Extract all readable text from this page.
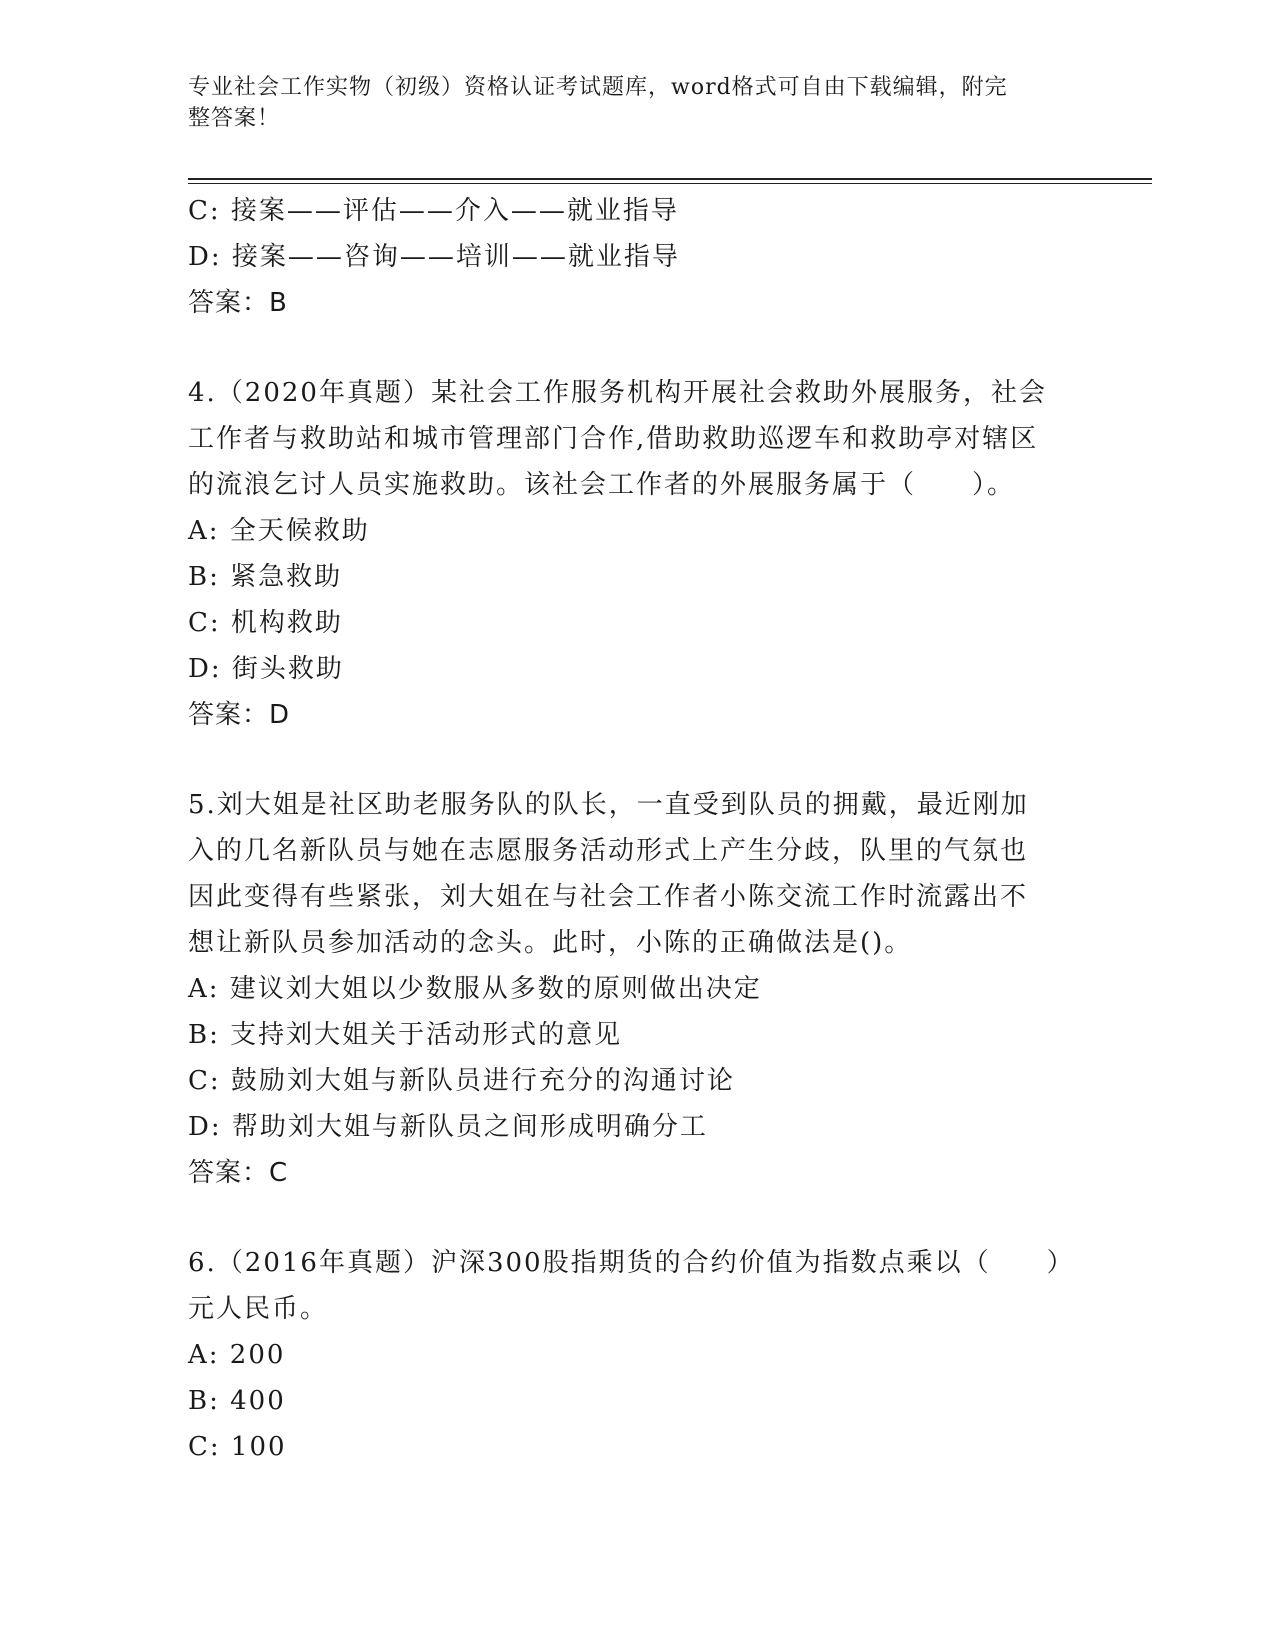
专业社会工作实物（初级）资格认证考试题库，word格式可自由下载编辑，附完
整答案！
C: 接案——评估——介入——就业指导
D: 接案——咨询——培训——就业指导
答案：B
4.（2020年真题）某社会工作服务机构开展社会救助外展服务，社会
工作者与救助站和城市管理部门合作,借助救助巡逻车和救助亭对辖区
的流浪乞讨人员实施救助。该社会工作者的外展服务属于（　　）。
A: 全天候救助
B: 紧急救助
C: 机构救助
D: 街头救助
答案：D
5.刘大姐是社区助老服务队的队长，一直受到队员的拥戴，最近刚加
入的几名新队员与她在志愿服务活动形式上产生分歧，队里的气氛也
因此变得有些紧张，刘大姐在与社会工作者小陈交流工作时流露出不
想让新队员参加活动的念头。此时，小陈的正确做法是()。
A: 建议刘大姐以少数服从多数的原则做出决定
B: 支持刘大姐关于活动形式的意见
C: 鼓励刘大姐与新队员进行充分的沟通讨论
D: 帮助刘大姐与新队员之间形成明确分工
答案：C
6.（2016年真题）沪深300股指期货的合约价值为指数点乘以（　　）
元人民币。
A: 200
B: 400
C: 100
